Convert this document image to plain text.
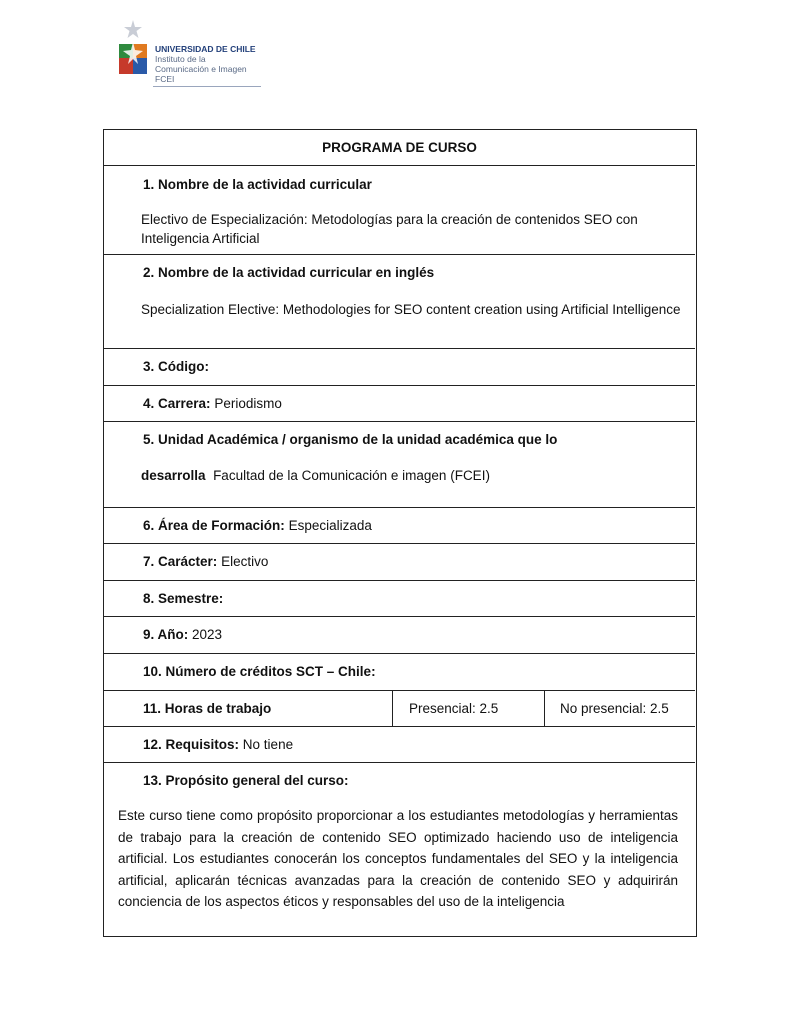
UNIVERSIDAD DE CHILE
Instituto de la
Comunicación e Imagen
FCEI
PROGRAMA DE CURSO
1. Nombre de la actividad curricular
Electivo de Especialización: Metodologías para la creación de contenidos SEO con Inteligencia Artificial
2. Nombre de la actividad curricular en inglés
Specialization Elective: Methodologies for SEO content creation using Artificial Intelligence
3. Código:
4. Carrera: Periodismo
5. Unidad Académica / organismo de la unidad académica que lo
desarrolla Facultad de la Comunicación e imagen (FCEI)
6. Área de Formación: Especializada
7. Carácter: Electivo
8. Semestre:
9. Año: 2023
10. Número de créditos SCT – Chile:
11. Horas de trabajo	Presencial: 2.5	No presencial: 2.5
12. Requisitos: No tiene
13. Propósito general del curso:
Este curso tiene como propósito proporcionar a los estudiantes metodologías y herramientas de trabajo para la creación de contenido SEO optimizado haciendo uso de inteligencia artificial. Los estudiantes conocerán los conceptos fundamentales del SEO y la inteligencia artificial, aplicarán técnicas avanzadas para la creación de contenido SEO y adquirirán conciencia de los aspectos éticos y responsables del uso de la inteligencia
